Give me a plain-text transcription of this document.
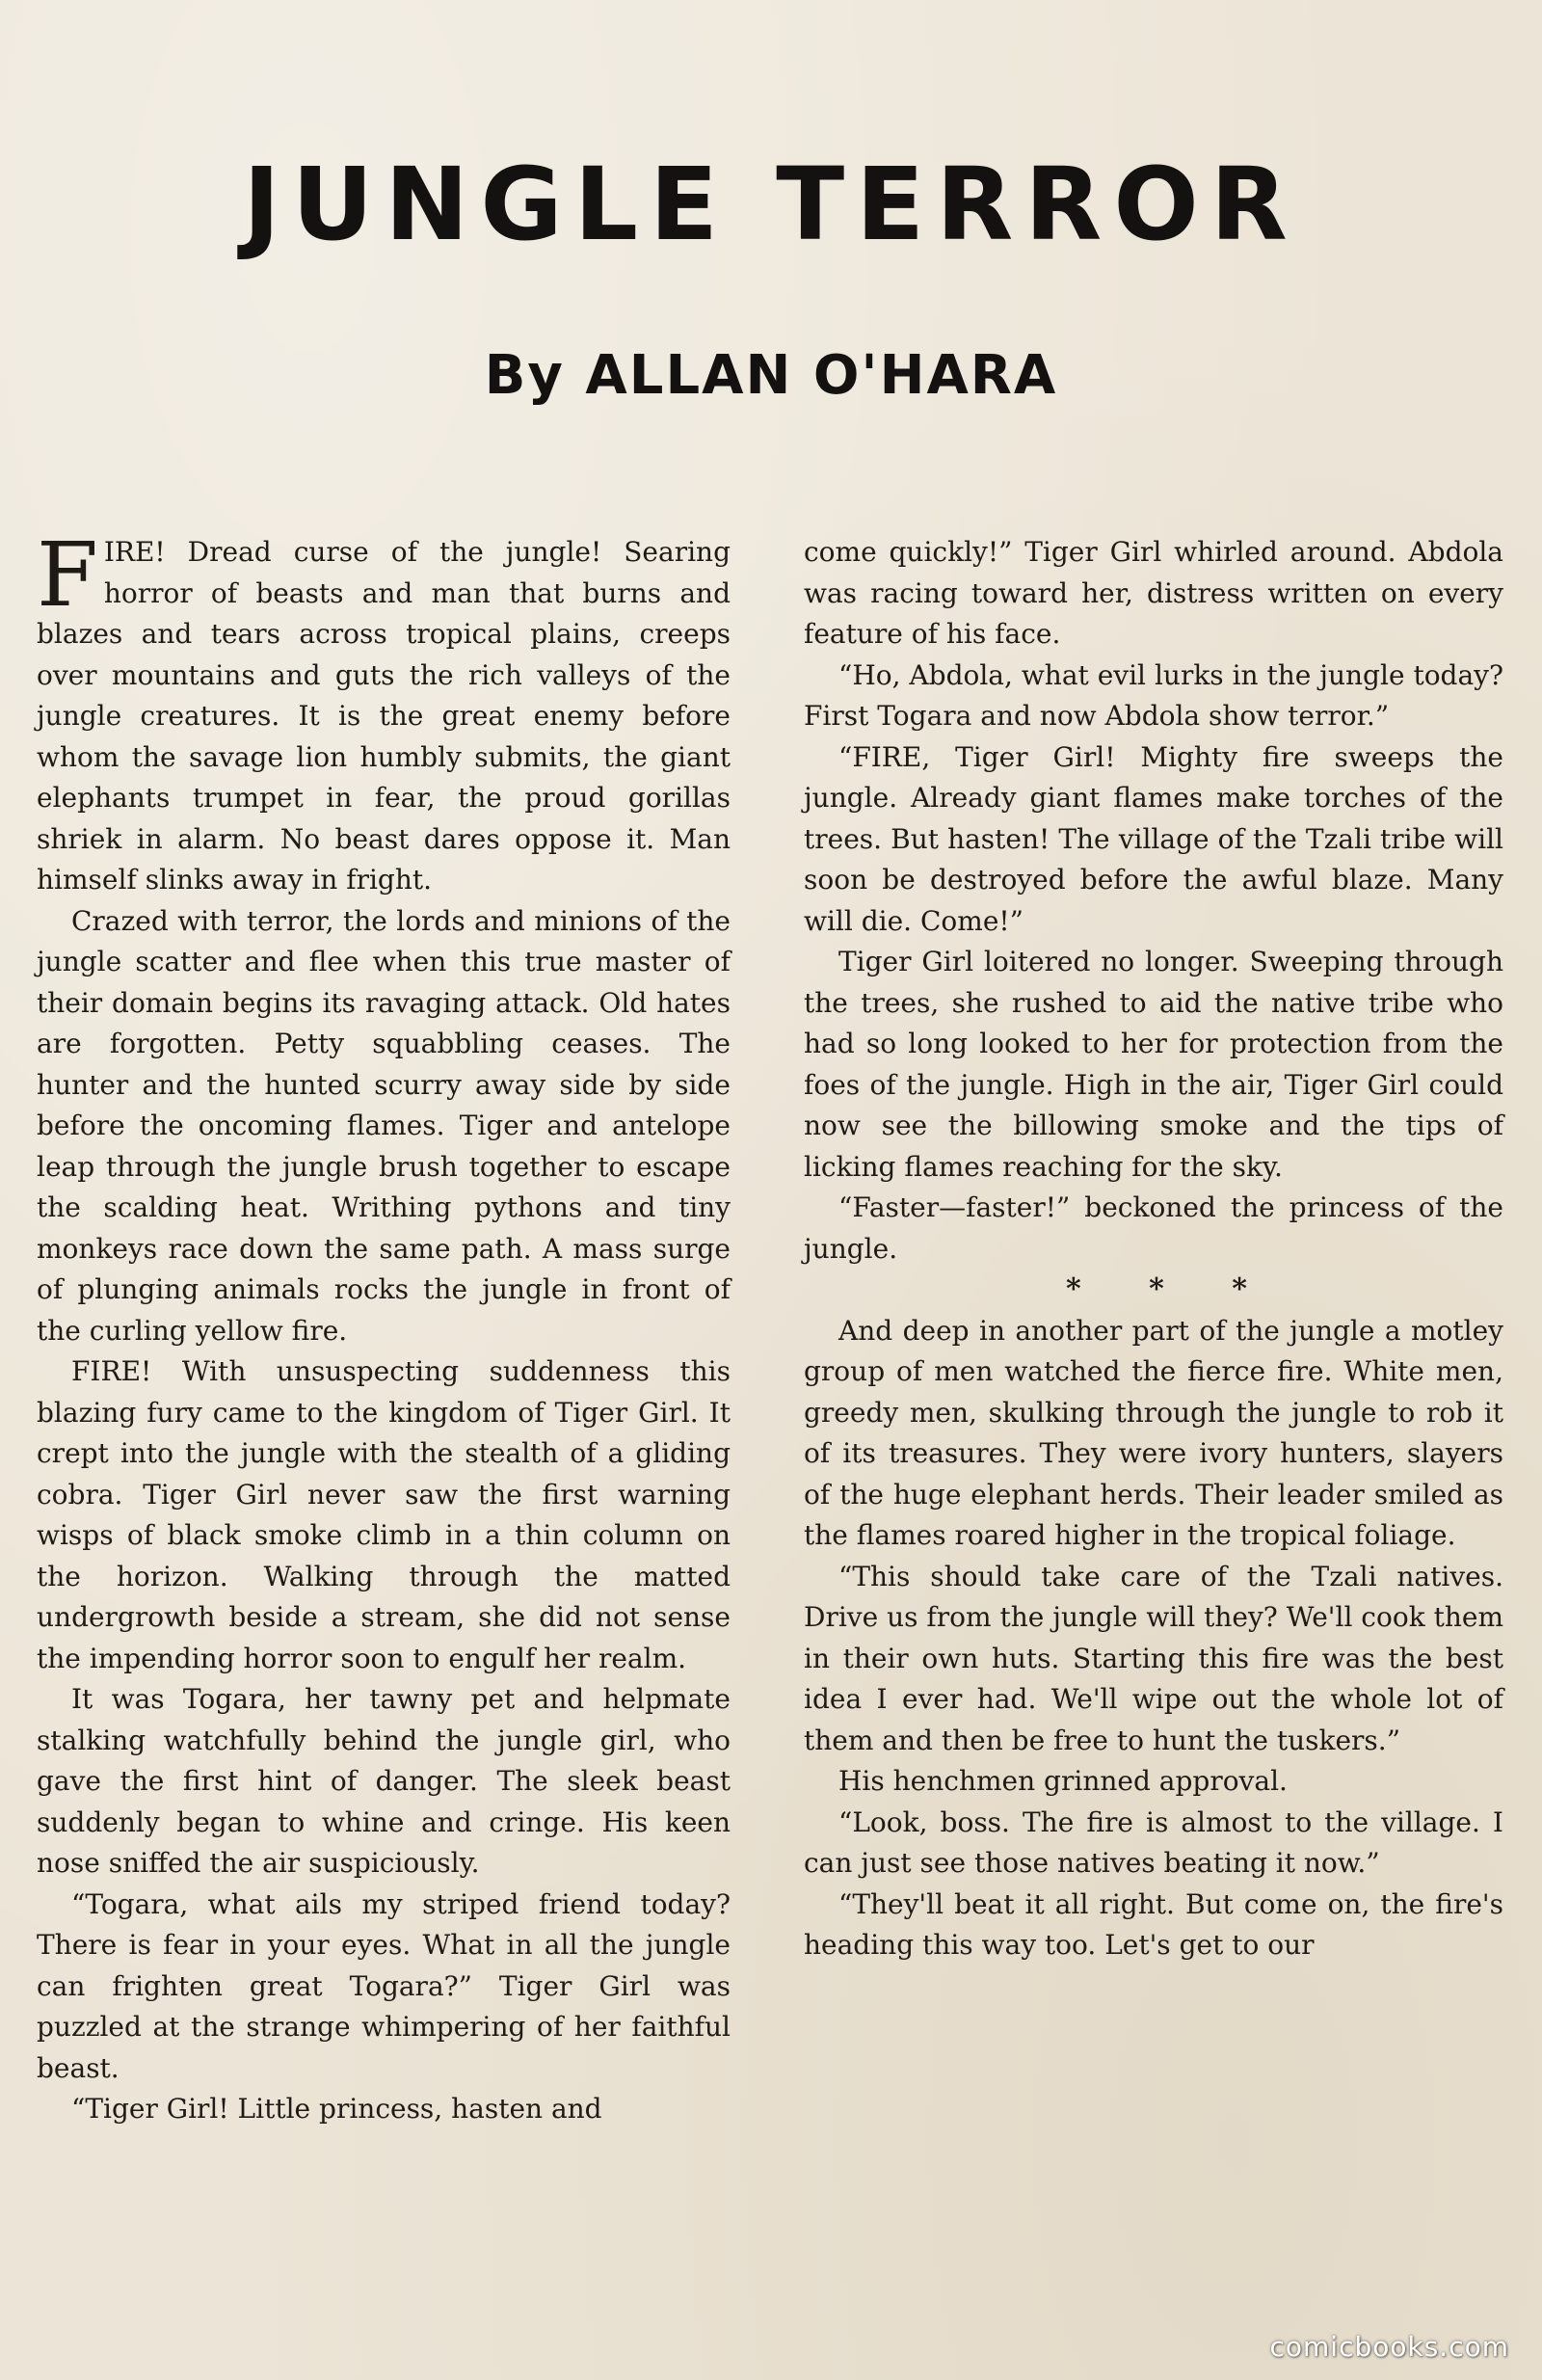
JUNGLE TERROR
By ALLAN O'HARA

FIRE! Dread curse of the jungle! Searing horror of beasts and man that burns and blazes and tears across tropical plains, creeps over mountains and guts the rich valleys of the jungle creatures. It is the great enemy before whom the savage lion humbly submits, the giant elephants trumpet in fear, the proud gorillas shriek in alarm. No beast dares oppose it. Man himself slinks away in fright.

Crazed with terror, the lords and minions of the jungle scatter and flee when this true master of their domain begins its ravaging attack. Old hates are forgotten. Petty squabbling ceases. The hunter and the hunted scurry away side by side before the oncoming flames. Tiger and antelope leap through the jungle brush together to escape the scalding heat. Writhing pythons and tiny monkeys race down the same path. A mass surge of plunging animals rocks the jungle in front of the curling yellow fire.

FIRE! With unsuspecting suddenness this blazing fury came to the kingdom of Tiger Girl. It crept into the jungle with the stealth of a gliding cobra. Tiger Girl never saw the first warning wisps of black smoke climb in a thin column on the horizon. Walking through the matted undergrowth beside a stream, she did not sense the impending horror soon to engulf her realm.

It was Togara, her tawny pet and helpmate stalking watchfully behind the jungle girl, who gave the first hint of danger. The sleek beast suddenly began to whine and cringe. His keen nose sniffed the air suspiciously.

“Togara, what ails my striped friend today? There is fear in your eyes. What in all the jungle can frighten great Togara?” Tiger Girl was puzzled at the strange whimpering of her faithful beast.

“Tiger Girl! Little princess, hasten and

come quickly!” Tiger Girl whirled around. Abdola was racing toward her, distress written on every feature of his face.

“Ho, Abdola, what evil lurks in the jungle today? First Togara and now Abdola show terror.”

“FIRE, Tiger Girl! Mighty fire sweeps the jungle. Already giant flames make torches of the trees. But hasten! The village of the Tzali tribe will soon be destroyed before the awful blaze. Many will die. Come!”

Tiger Girl loitered no longer. Sweeping through the trees, she rushed to aid the native tribe who had so long looked to her for protection from the foes of the jungle. High in the air, Tiger Girl could now see the billowing smoke and the tips of licking flames reaching for the sky.

“Faster—faster!” beckoned the princess of the jungle.

* * *

And deep in another part of the jungle a motley group of men watched the fierce fire. White men, greedy men, skulking through the jungle to rob it of its treasures. They were ivory hunters, slayers of the huge elephant herds. Their leader smiled as the flames roared higher in the tropical foliage.

“This should take care of the Tzali natives. Drive us from the jungle will they? We'll cook them in their own huts. Starting this fire was the best idea I ever had. We'll wipe out the whole lot of them and then be free to hunt the tuskers.”

His henchmen grinned approval.

“Look, boss. The fire is almost to the village. I can just see those natives beating it now.”

“They'll beat it all right. But come on, the fire's heading this way too. Let's get to our

comicbooks.com
